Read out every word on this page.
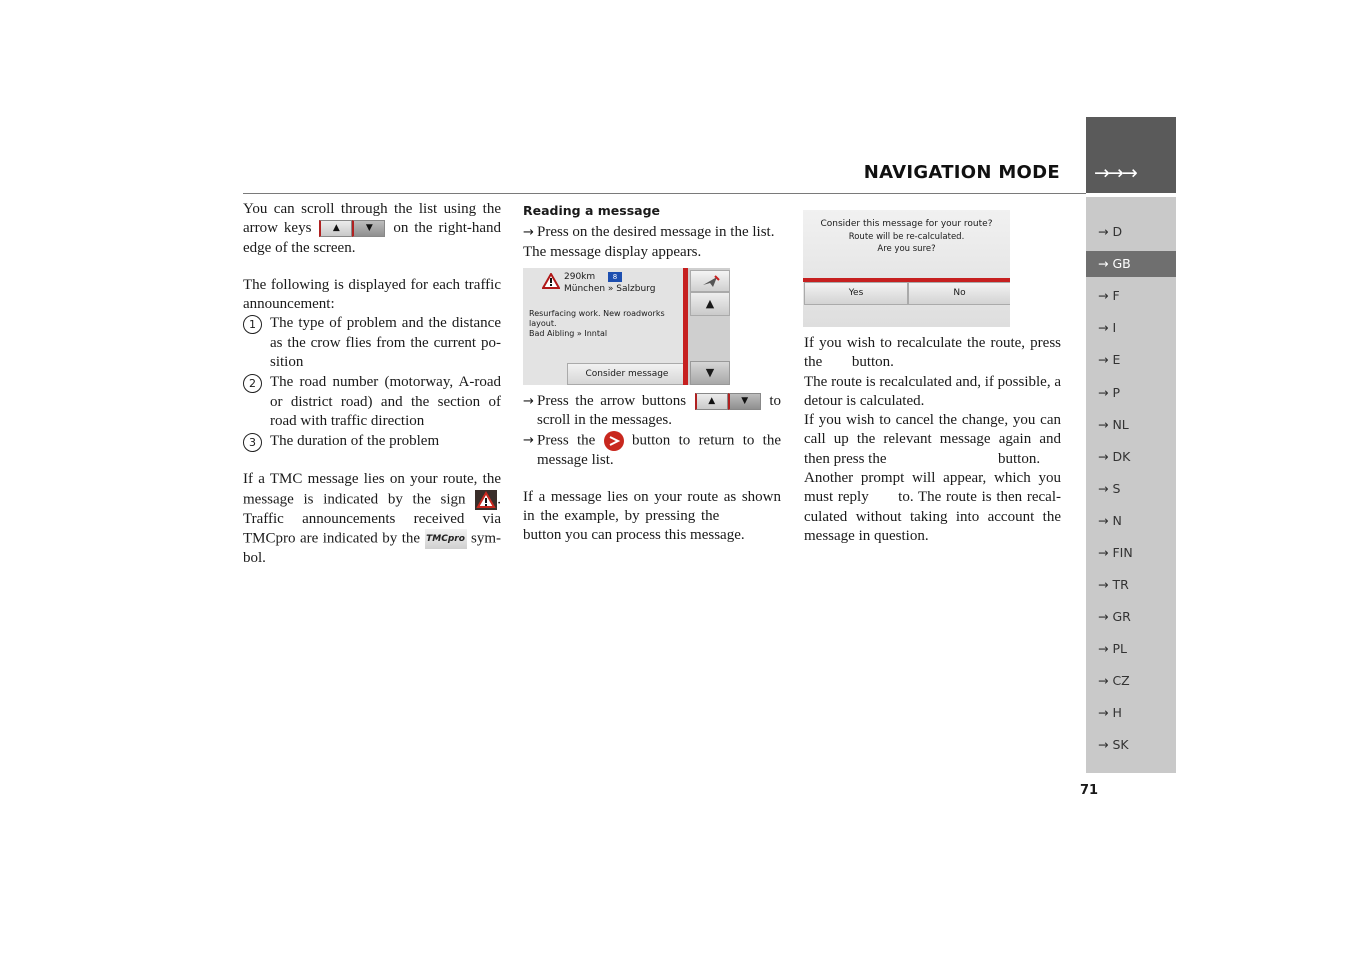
→→→
NAVIGATION MODE
→ D
→ GB
→ F
→ I
→ E
→ P
→ NL
→ DK
→ S
→ N
→ FIN
→ TR
→ GR
→ PL
→ CZ
→ H
→ SK
71

You can scroll through the list using the arrow keys	▲	▼	on the right-hand edge of the screen.

The following is displayed for each traffic announcement:

1 The type of problem and the distance as the crow flies from the current po-sition

2 The road number (motorway, A-road or district road) and the section of road with traffic direction

3 The duration of the problem

If a TMC message lies on your route, the message is indicated by the sign . Traffic announcements received via TMCpro are indicated by the TMCpro sym-bol.

Reading a message

→ Press on the desired message in the list.

The message display appears.

290km	8
München » Salzburg
Resurfacing work. New roadworks layout.
Bad Aibling » Inntal
Consider message
▲
▼

→ Press the arrow buttons	▲	▼	to scroll in the messages.

→ Press the button to return to the message list.

If a message lies on your route as shown in the example, by pressing the  button you can process this message.

Consider this message for your route?
Route will be re-calculated.
Are you sure?
Yes	No

If you wish to recalculate the route, press the button.

The route is recalculated and, if possible, a detour is calculated.

If you wish to cancel the change, you can call up the relevant message again and then press the	button.

Another prompt will appear, which you must reply to. The route is then recal-culated without taking into account the message in question.
